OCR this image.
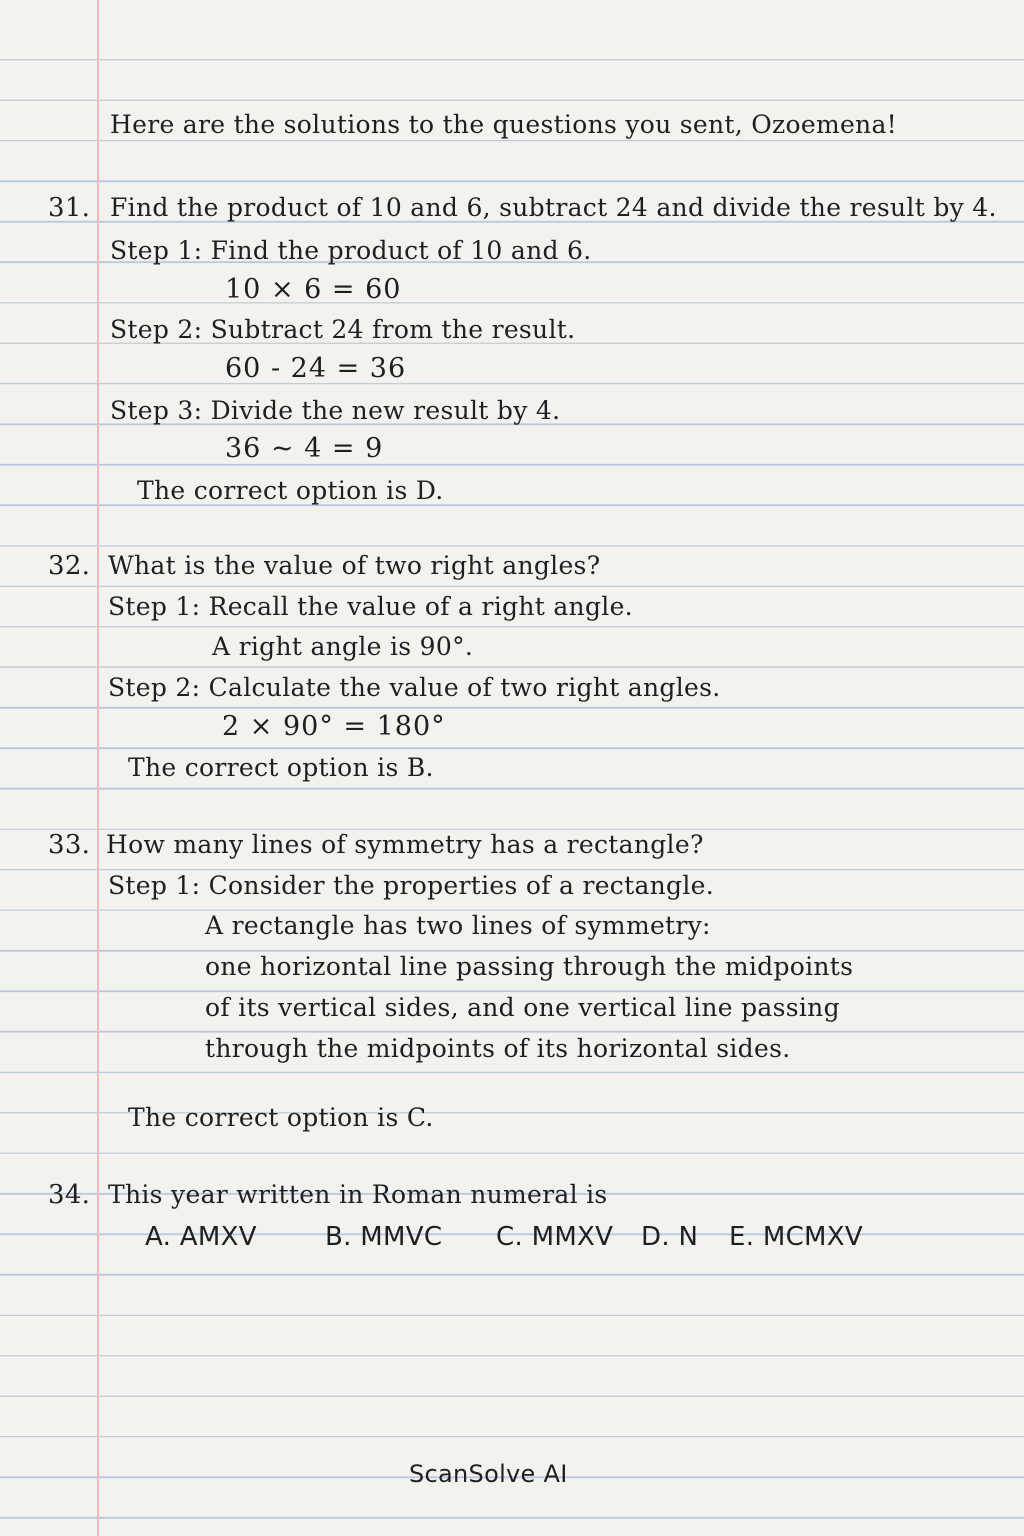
Here are the solutions to the questions you sent, Ozoemena!
31. Find the product of 10 and 6, subtract 24 and divide the result by 4.
Step 1: Find the product of 10 and 6.
10 × 6 = 60
Step 2: Subtract 24 from the result.
60 - 24 = 36
Step 3: Divide the new result by 4.
36 ~ 4 = 9
The correct option is D.
32. What is the value of two right angles?
Step 1: Recall the value of a right angle.
A right angle is 90°.
Step 2: Calculate the value of two right angles.
2 × 90° = 180°
The correct option is B.
33. How many lines of symmetry has a rectangle?
Step 1: Consider the properties of a rectangle.
A rectangle has two lines of symmetry:
one horizontal line passing through the midpoints
of its vertical sides, and one vertical line passing
through the midpoints of its horizontal sides.
The correct option is C.
34. This year written in Roman numeral is
A. AMXV	B. MMVC C. MMXV D. N E. MCMXV
ScanSolve AI
